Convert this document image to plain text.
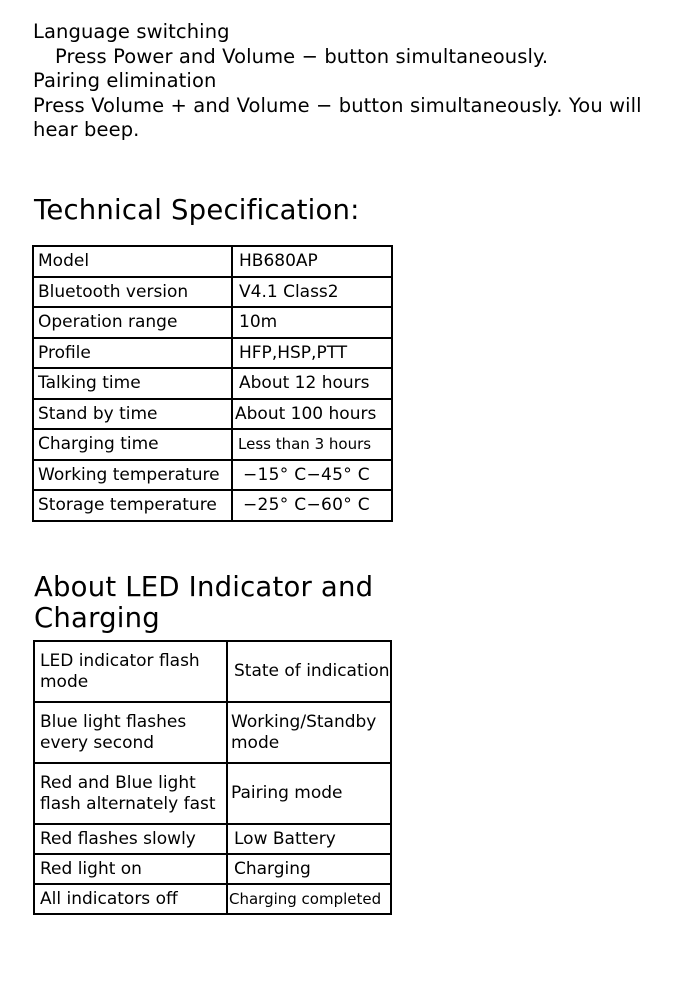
Language switching
Press Power and Volume − button simultaneously.
Pairing elimination
Press Volume + and Volume − button simultaneously. You will
hear beep.
Technical Specification:
Model	HB680AP
Bluetooth version	V4.1 Class2
Operation range	10m
Profile	HFP,HSP,PTT
Talking time	About 12 hours
Stand by time	About 100 hours
Charging time	Less than 3 hours
Working temperature	−15° C−45° C
Storage temperature	−25° C−60° C
About LED Indicator and Charging
LED indicator flash mode	State of indication
Blue light flashes every second	Working/Standby mode
Red and Blue light flash alternately fast	Pairing mode
Red flashes slowly	Low Battery
Red light on	Charging
All indicators off	Charging completed
